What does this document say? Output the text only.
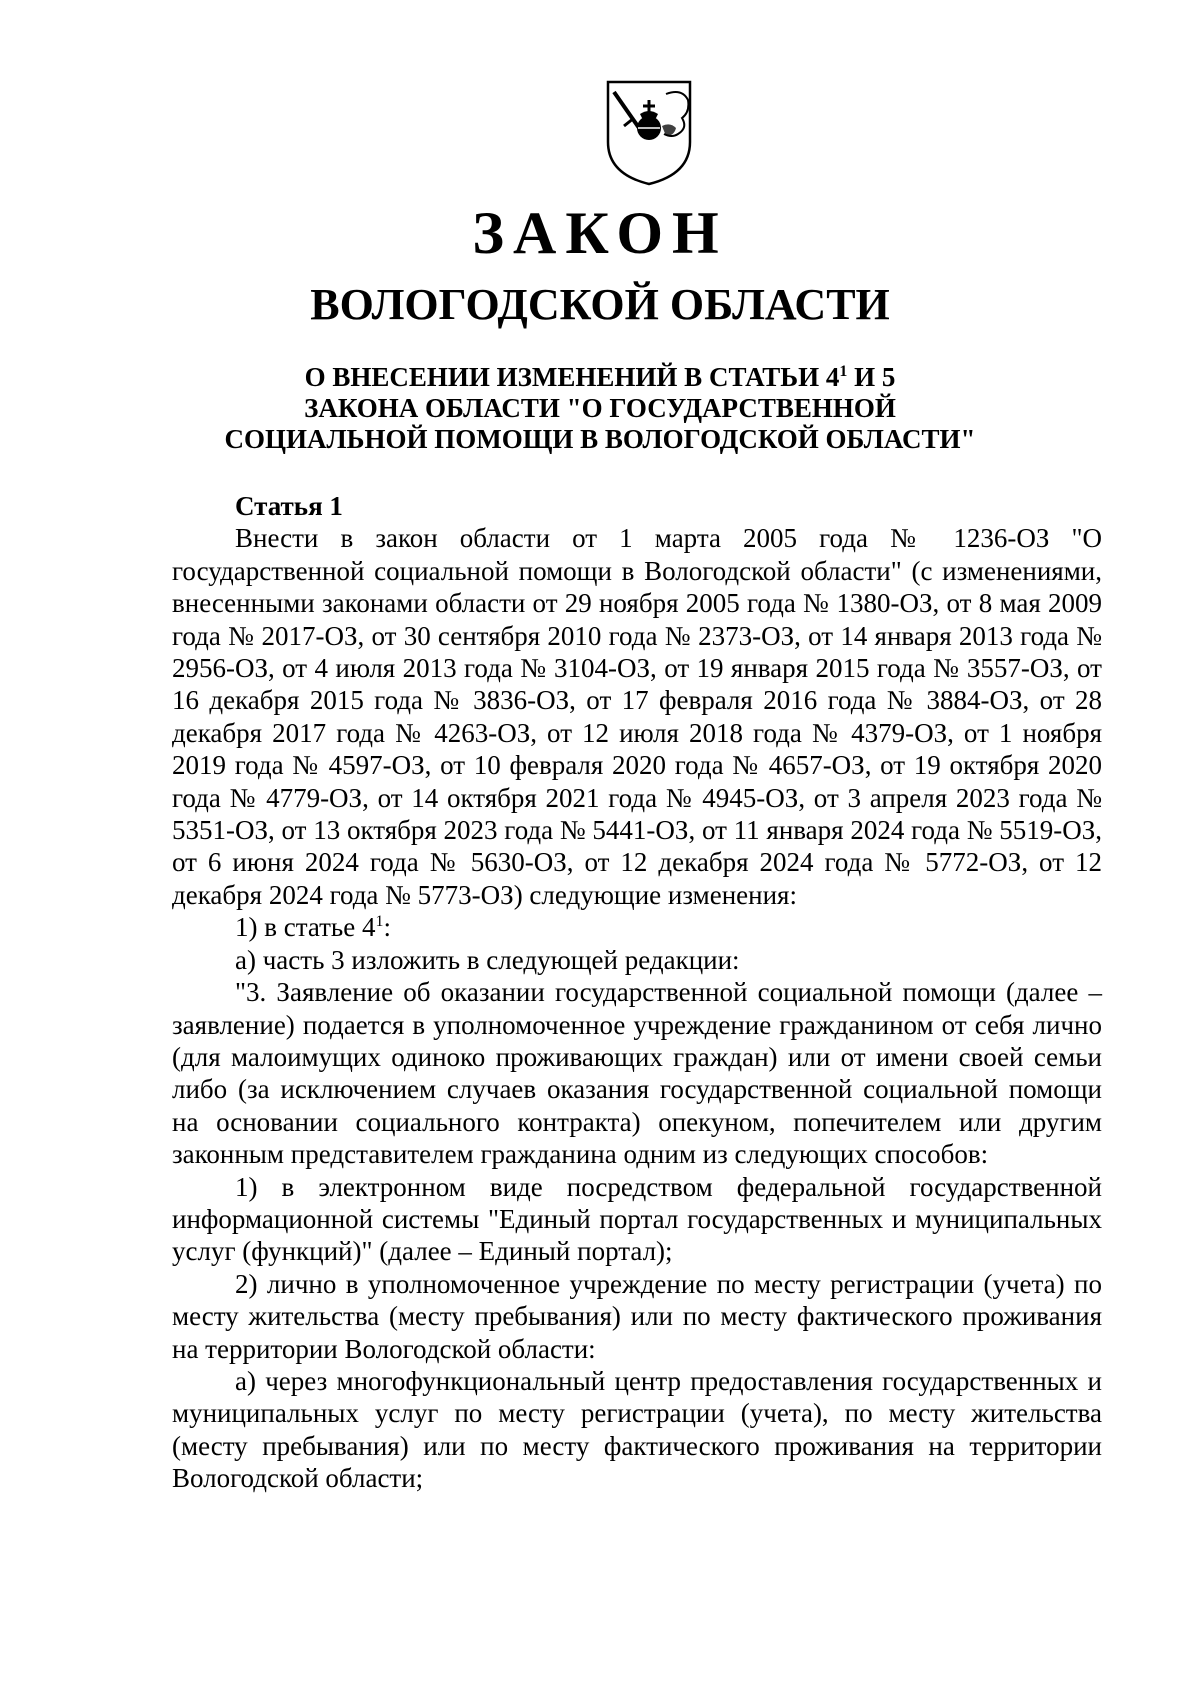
ЗАКОН
ВОЛОГОДСКОЙ ОБЛАСТИ
О ВНЕСЕНИИ ИЗМЕНЕНИЙ В СТАТЬИ $4^1$ И 5
ЗАКОНА ОБЛАСТИ "О ГОСУДАРСТВЕННОЙ
СОЦИАЛЬНОЙ ПОМОЩИ В ВОЛОГОДСКОЙ ОБЛАСТИ"

Статья 1

Внести в закон области от 1 марта 2005 года № 1236-ОЗ "О государственной социальной помощи в Вологодской области" (с изменениями, внесенными законами области от 29 ноября 2005 года № 1380-ОЗ, от 8 мая 2009 года № 2017-ОЗ, от 30 сентября 2010 года № 2373-ОЗ, от 14 января 2013 года № 2956-ОЗ, от 4 июля 2013 года № 3104-ОЗ, от 19 января 2015 года № 3557-ОЗ, от 16 декабря 2015 года № 3836-ОЗ, от 17 февраля 2016 года № 3884-ОЗ, от 28 декабря 2017 года № 4263-ОЗ, от 12 июля 2018 года № 4379-ОЗ, от 1 ноября 2019 года № 4597-ОЗ, от 10 февраля 2020 года № 4657-ОЗ, от 19 октября 2020 года № 4779-ОЗ, от 14 октября 2021 года № 4945-ОЗ, от 3 апреля 2023 года № 5351-ОЗ, от 13 октября 2023 года № 5441-ОЗ, от 11 января 2024 года № 5519-ОЗ, от 6 июня 2024 года № 5630-ОЗ, от 12 декабря 2024 года № 5772-ОЗ, от 12 декабря 2024 года № 5773-ОЗ) следующие изменения:

1) в статье $4^1$:

а) часть 3 изложить в следующей редакции:

"3. Заявление об оказании государственной социальной помощи (далее – заявление) подается в уполномоченное учреждение гражданином от себя лично (для малоимущих одиноко проживающих граждан) или от имени своей семьи либо (за исключением случаев оказания государственной социальной помощи на основании социального контракта) опекуном, попечителем или другим законным представителем гражданина одним из следующих способов:

1) в электронном виде посредством федеральной государственной информационной системы "Единый портал государственных и муниципальных услуг (функций)" (далее – Единый портал);

2) лично в уполномоченное учреждение по месту регистрации (учета) по месту жительства (месту пребывания) или по месту фактического проживания на территории Вологодской области:

а) через многофункциональный центр предоставления государственных и муниципальных услуг по месту регистрации (учета), по месту жительства (месту пребывания) или по месту фактического проживания на территории Вологодской области;
